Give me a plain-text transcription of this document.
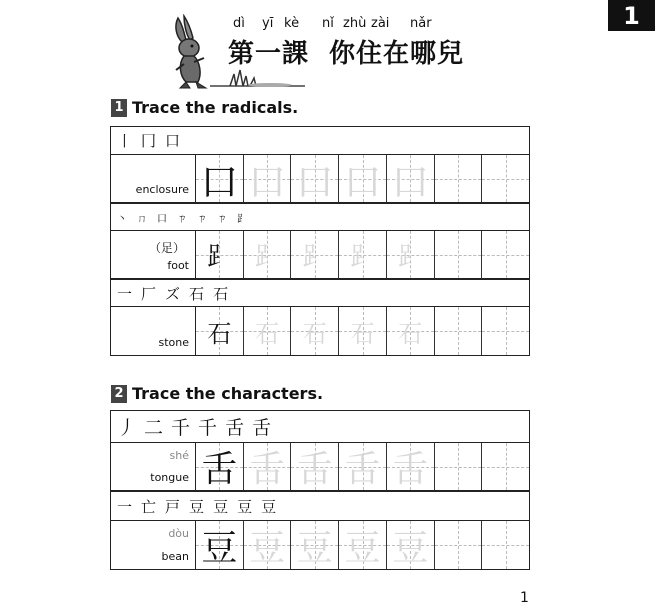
1
dì yī kè nǐ zhù zài nǎr
第一課 你住在哪兒
1 Trace the radicals.
丨 冂 口
enclosure 口 口 口 口 口
丶 ㄇ 口 ㄗ ㄗ ㄗ ⻊
（足）
foot ⻊ ⻊ ⻊ ⻊ ⻊
一 厂 ズ 石 石
stone 石 石 石 石 石
2 Trace the characters.
丿 二 千 千 舌 舌
shé
tongue 舌 舌 舌 舌 舌
一 亡 戸 豆 豆 豆 豆
dòu
bean 豆 豆 豆 豆 豆
1
